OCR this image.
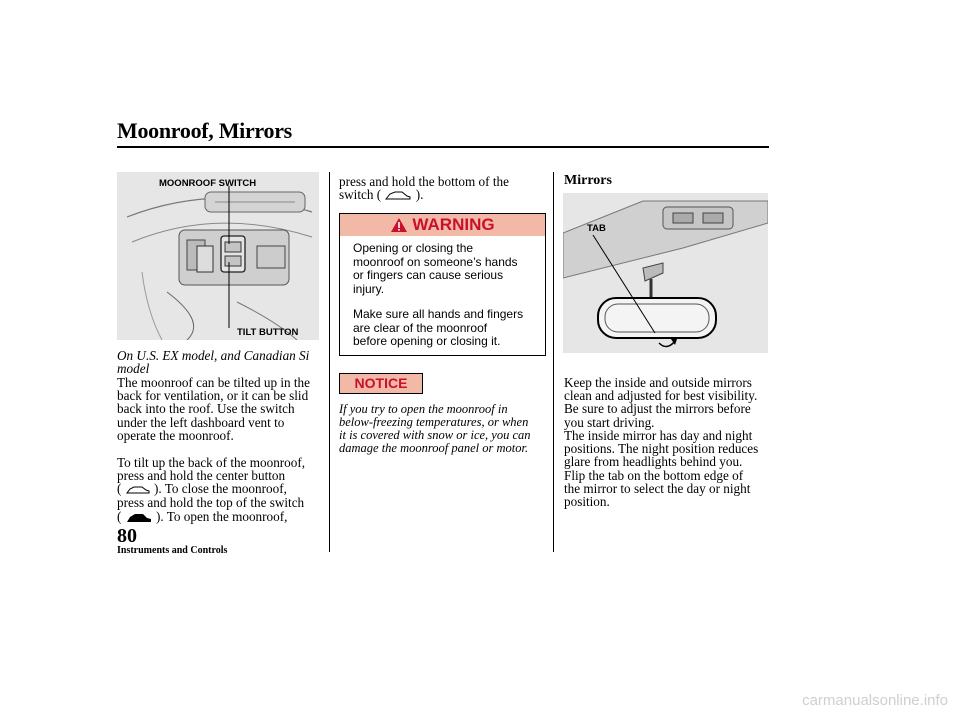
Moonroof, Mirrors
MOONROOF SWITCH
TILT BUTTON
On U.S. EX model, and Canadian Si
model
The moonroof can be tilted up in the
back for ventilation, or it can be slid
back into the roof. Use the switch
under the left dashboard vent to
operate the moonroof.
To tilt up the back of the moonroof,
press and hold the center button
( ). To close the moonroof,
press and hold the top of the switch
(	). To open the moonroof,
press and hold the bottom of the
switch (	).
WARNING
Opening or closing the
moonroof on someone’s hands
or fingers can cause serious
injury.
Make sure all hands and fingers
are clear of the moonroof
before opening or closing it.
NOTICE
If you try to open the moonroof in
below-freezing temperatures, or when
it is covered with snow or ice, you can
damage the moonroof panel or motor.
Mirrors
TAB
Keep the inside and outside mirrors
clean and adjusted for best visibility.
Be sure to adjust the mirrors before
you start driving.
The inside mirror has day and night
positions. The night position reduces
glare from headlights behind you.
Flip the tab on the bottom edge of
the mirror to select the day or night
position.
80
Instruments and Controls
carmanualsonline.info
